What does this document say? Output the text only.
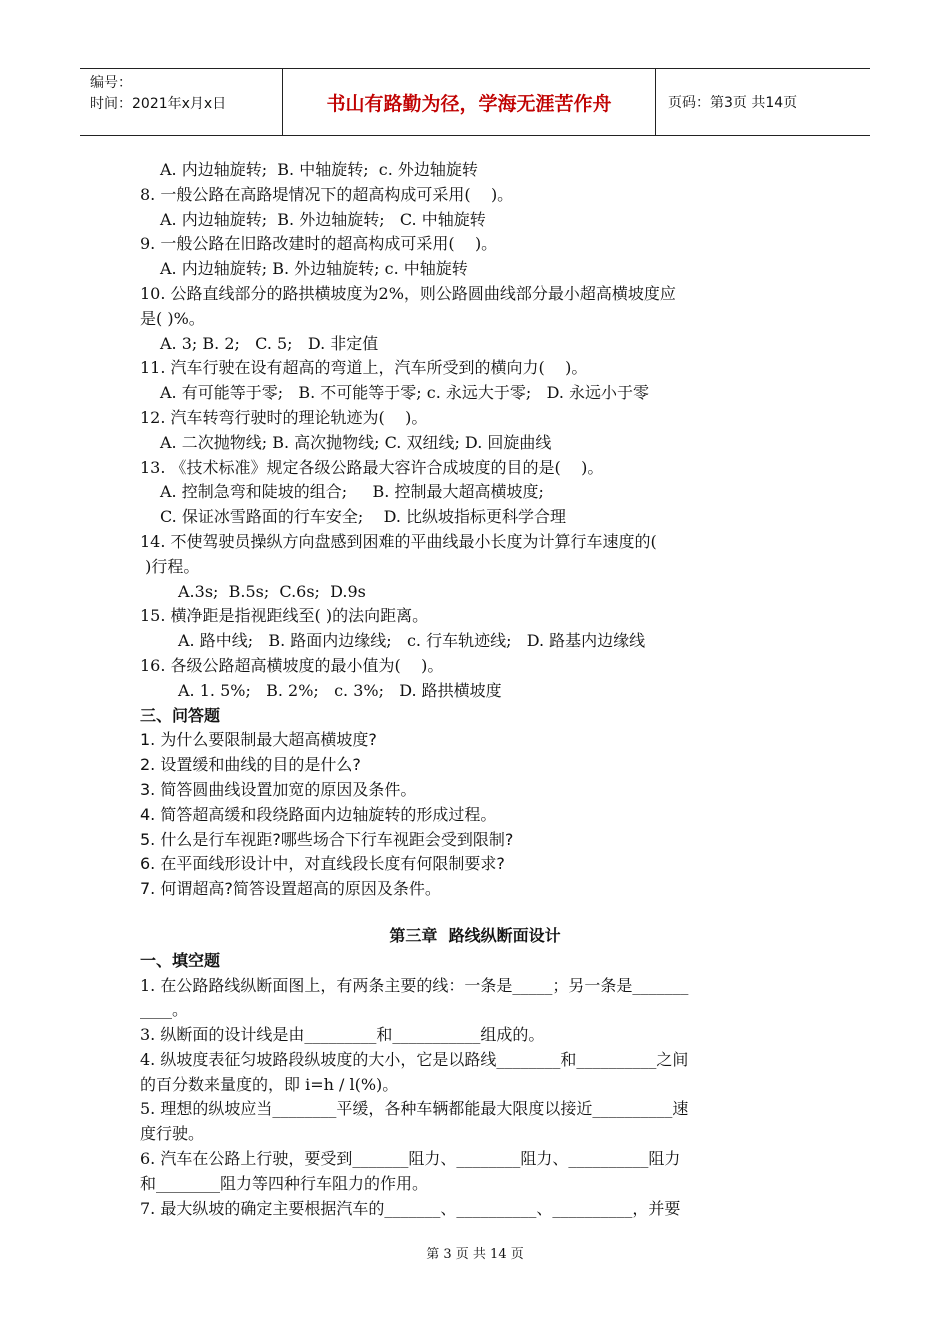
编号：
时间：2021年x月x日	书山有路勤为径，学海无涯苦作舟	页码：第3页 共14页
A. 内边轴旋转;  B. 中轴旋转;  c. 外边轴旋转
8. 一般公路在高路堤情况下的超高构成可采用(    )。
A. 内边轴旋转;  B. 外边轴旋转;   C. 中轴旋转
9. 一般公路在旧路改建时的超高构成可采用(    )。
A. 内边轴旋转; B. 外边轴旋转; c. 中轴旋转
10. 公路直线部分的路拱横坡度为2%，则公路圆曲线部分最小超高横坡度应
是( )%。
A. 3; B. 2;   C. 5;   D. 非定值
11. 汽车行驶在设有超高的弯道上，汽车所受到的横向力(    )。
A. 有可能等于零;   B. 不可能等于零; c. 永远大于零;   D. 永远小于零
12. 汽车转弯行驶时的理论轨迹为(    )。
A. 二次抛物线; B. 高次抛物线; C. 双纽线; D. 回旋曲线
13. 《技术标准》规定各级公路最大容许合成坡度的目的是(    )。
A. 控制急弯和陡坡的组合;     B. 控制最大超高横坡度;
C. 保证冰雪路面的行车安全;    D. 比纵坡指标更科学合理
14. 不使驾驶员操纵方向盘感到困难的平曲线最小长度为计算行车速度的(
)行程。
A.3s;  B.5s;  C.6s;  D.9s
15. 横净距是指视距线至( )的法向距离。
A. 路中线;   B. 路面内边缘线;   c. 行车轨迹线;   D. 路基内边缘线
16. 各级公路超高横坡度的最小值为(    )。
A. 1. 5%;   B. 2%;   c. 3%;   D. 路拱横坡度
三、问答题
1. 为什么要限制最大超高横坡度?
2. 设置缓和曲线的目的是什么?
3. 简答圆曲线设置加宽的原因及条件。
4. 简答超高缓和段绕路面内边轴旋转的形成过程。
5. 什么是行车视距?哪些场合下行车视距会受到限制?
6. 在平面线形设计中，对直线段长度有何限制要求?
7. 何谓超高?简答设置超高的原因及条件。
第三章  路线纵断面设计
一、填空题
1. 在公路路线纵断面图上，有两条主要的线：一条是_____；另一条是_______
____。
3. 纵断面的设计线是由_________和___________组成的。
4. 纵坡度表征匀坡路段纵坡度的大小，它是以路线________和__________之间
的百分数来量度的，即 i=h / l(%)。
5. 理想的纵坡应当________平缓，各种车辆都能最大限度以接近__________速
度行驶。
6. 汽车在公路上行驶，要受到_______阻力、________阻力、__________阻力
和________阻力等四种行车阻力的作用。
7. 最大纵坡的确定主要根据汽车的_______、__________、__________，并要
第 3 页 共 14 页
